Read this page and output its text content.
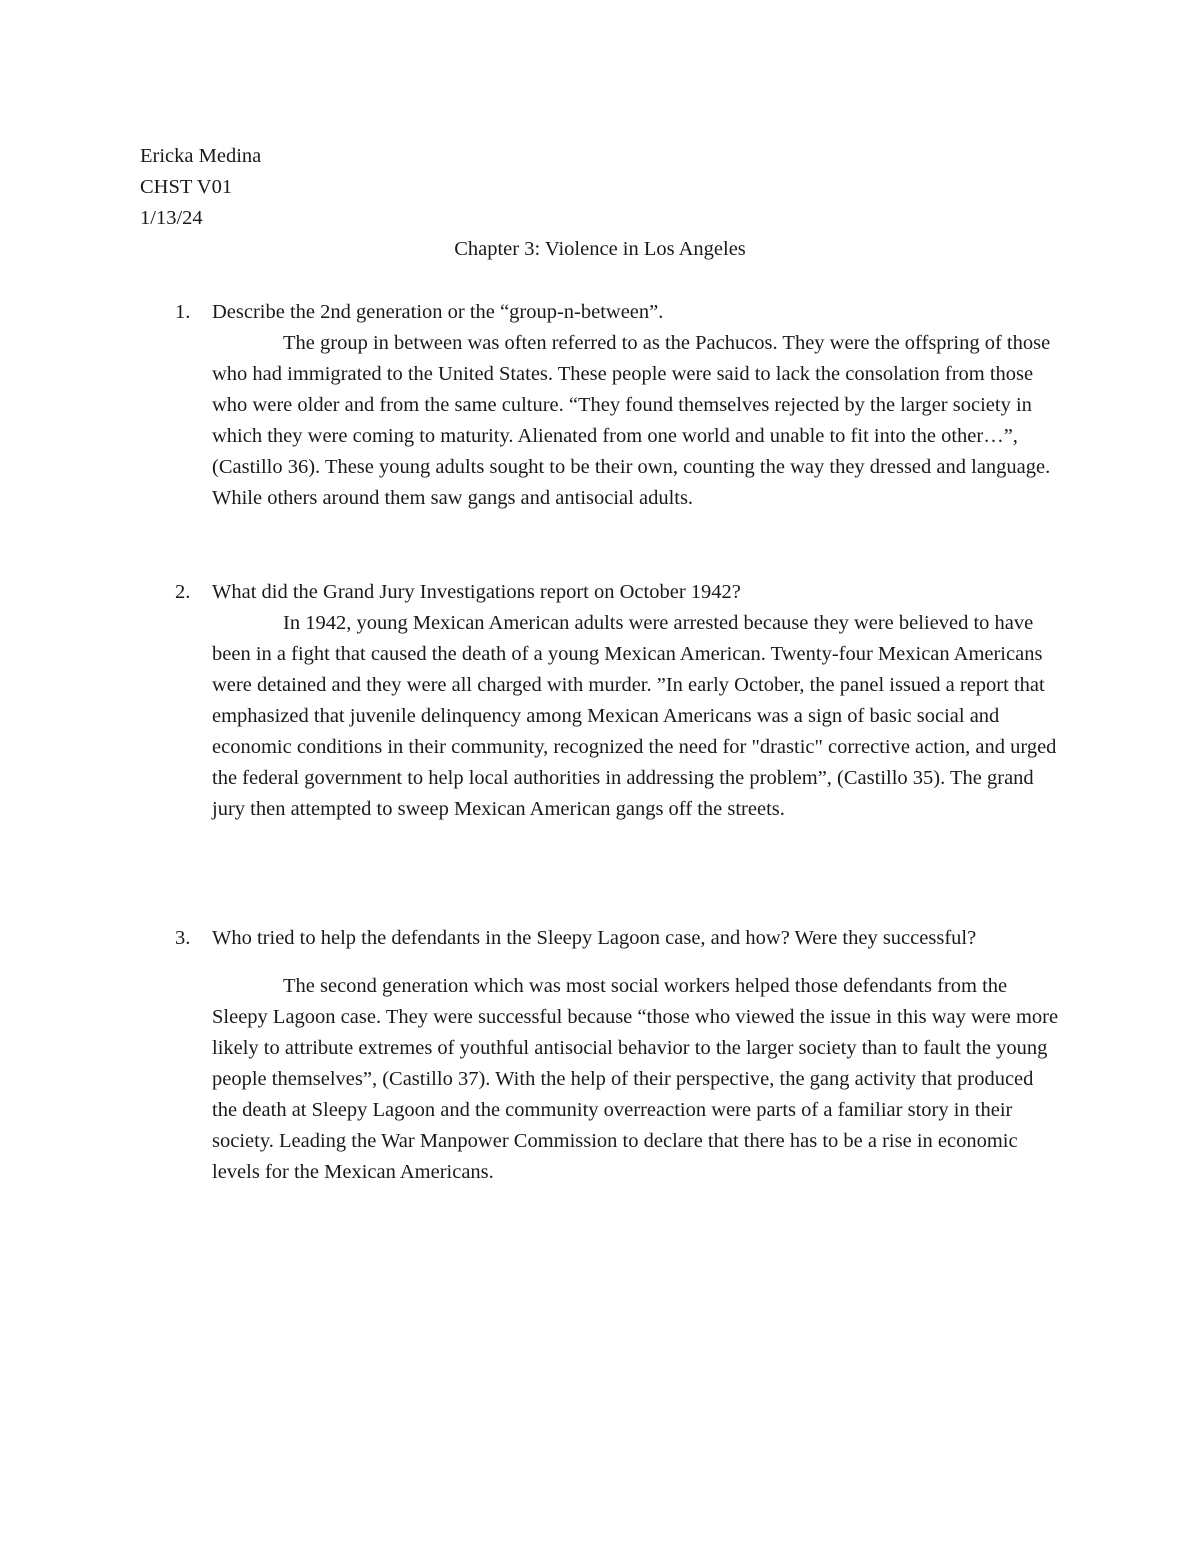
Ericka Medina
CHST V01
1/13/24
Chapter 3: Violence in Los Angeles
1. Describe the 2nd generation or the “group-n-between”.

The group in between was often referred to as the Pachucos. They were the offspring of those who had immigrated to the United States. These people were said to lack the consolation from those who were older and from the same culture. “They found themselves rejected by the larger society in which they were coming to maturity. Alienated from one world and unable to fit into the other…”, (Castillo 36). These young adults sought to be their own, counting the way they dressed and language. While others around them saw gangs and antisocial adults.

2. What did the Grand Jury Investigations report on October 1942?

In 1942, young Mexican American adults were arrested because they were believed to have been in a fight that caused the death of a young Mexican American. Twenty-four Mexican Americans were detained and they were all charged with murder. ”In early October, the panel issued a report that emphasized that juvenile delinquency among Mexican Americans was a sign of basic social and economic conditions in their community, recognized the need for "drastic" corrective action, and urged the federal government to help local authorities in addressing the problem”, (Castillo 35). The grand jury then attempted to sweep Mexican American gangs off the streets.

3. Who tried to help the defendants in the Sleepy Lagoon case, and how? Were they successful?

The second generation which was most social workers helped those defendants from the Sleepy Lagoon case. They were successful because “those who viewed the issue in this way were more likely to attribute extremes of youthful antisocial behavior to the larger society than to fault the young people themselves”, (Castillo 37). With the help of their perspective, the gang activity that produced the death at Sleepy Lagoon and the community overreaction were parts of a familiar story in their society. Leading the War Manpower Commission to declare that there has to be a rise in economic levels for the Mexican Americans.
